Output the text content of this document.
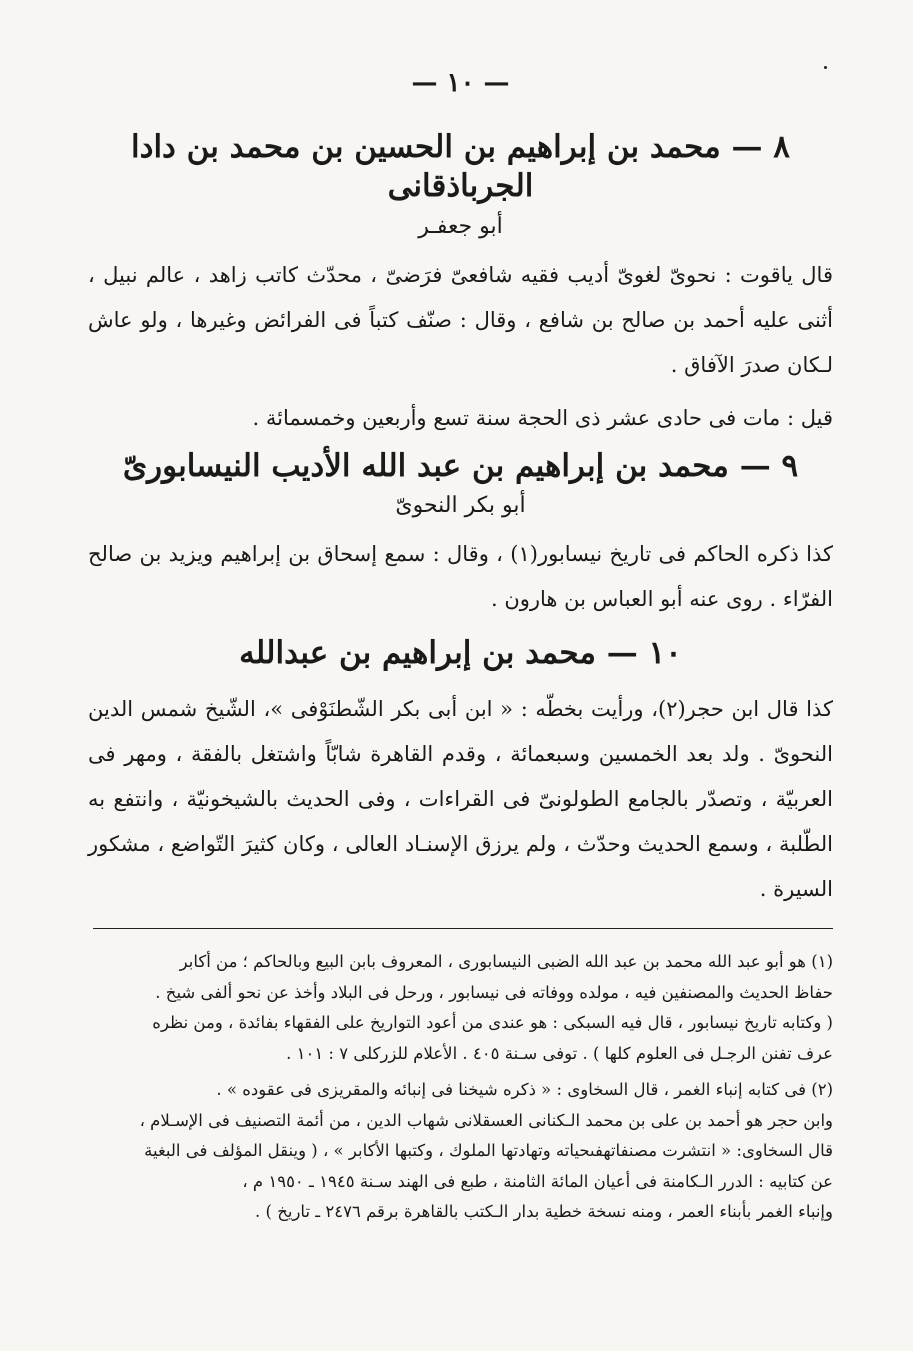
— ١٠ —
٨ — محمد بن إبراهيم بن الحسين بن محمد بن دادا الجرباذقانى
أبو جعفـر

قال ياقوت : نحوىّ لغوىّ أديب فقيه شافعىّ فرَضىّ ، محدّث كاتب زاهد ، عالم نبيل ، أثنى عليه أحمد بن صالح بن شافع ، وقال : صنّف كتباً فى الفرائض وغيرها ، ولو عاش لـكان صدرَ الآفاق .

قيل : مات فى حادى عشر ذى الحجة سنة تسع وأربعين وخمسمائة .

٩ — محمد بن إبراهيم بن عبد الله الأديب النيسابورىّ
أبو بكر النحوىّ

كذا ذكره الحاكم فى تاريخ نيسابور(١) ، وقال : سمع إسحاق بن إبراهيم ويزيد بن صالح الفرّاء . روى عنه أبو العباس بن هارون .

١٠ — محمد بن إبراهيم بن عبدالله

كذا قال ابن حجر(٢)، ورأيت بخطّه : « ابن أبى بكر الشّطنَوْفى »، الشّيخ شمس الدين النحوىّ . ولد بعد الخمسين وسبعمائة ، وقدم القاهرة شابّاً واشتغل بالفقة ، ومهر فى العربيّة ، وتصدّر بالجامع الطولونىّ فى القراءات ، وفى الحديث بالشيخونيّة ، وانتفع به الطّلبة ، وسمع الحديث وحدّث ، ولم يرزق الإسنـاد العالى ، وكان كثيرَ التّواضع ، مشكور السيرة .

(١) هو أبو عبد الله محمد بن عبد الله الضبى النيسابورى ، المعروف بابن البيع وبالحاكم ؛ من أكابر

حفاظ الحديث والمصنفين فيه ، مولده ووفاته فى نيسابور ، ورحل فى البلاد وأخذ عن نحو ألفى شيخ .

( وكتابه تاريخ نيسابور ، قال فيه السبكى : هو عندى من أعود التواريخ على الفقهاء بفائدة ، ومن نظره

عرف تفنن الرجـل فى العلوم كلها ) . توفى سـنة ٤٠٥ . الأعلام للزركلى ٧ : ١٠١ .

(٢) فى كتابه إنباء الغمر ، قال السخاوى : « ذكره شيخنا فى إنبائه والمقريزى فى عقوده » .

وابن حجر هو أحمد بن على بن محمد الـكنانى العسقلانى شهاب الدين ، من أئمة التصنيف فى الإسـلام ،

قال السخاوى: « انتشرت مصنفاتهفىحياته وتهادتها الملوك ، وكتبها الأكابر » ، ( وينقل المؤلف فى البغية

عن كتابيه : الدرر الـكامنة فى أعيان المائة الثامنة ، طبع فى الهند سـنة ١٩٤٥ ـ ١٩٥٠ م ،

وإنباء الغمر بأبناء العمر ، ومنه نسخة خطية بدار الـكتب بالقاهرة برقم ٢٤٧٦ ـ تاريخ ) .
